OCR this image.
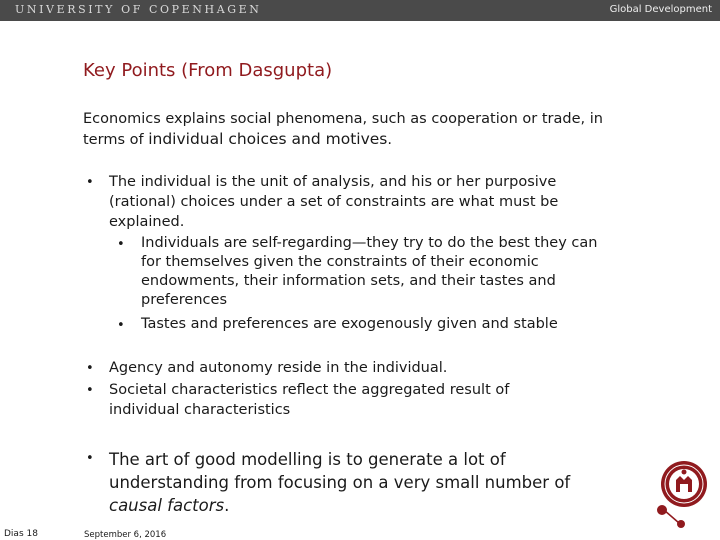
UNIVERSITY OF COPENHAGEN	Global Development
Key Points (From Dasgupta)
Economics explains social phenomena, such as cooperation or trade, in terms of individual choices and motives.
• The individual is the unit of analysis, and his or her purposive (rational) choices under a set of constraints are what must be explained.
• Individuals are self-regarding—they try to do the best they can for themselves given the constraints of their economic endowments, their information sets, and their tastes and preferences
• Tastes and preferences are exogenously given and stable
• Agency and autonomy reside in the individual.
• Societal characteristics reflect the aggregated result of individual characteristics
• The art of good modelling is to generate a lot of understanding from focusing on a very small number of causal factors.
Dias 18	September 6, 2016
